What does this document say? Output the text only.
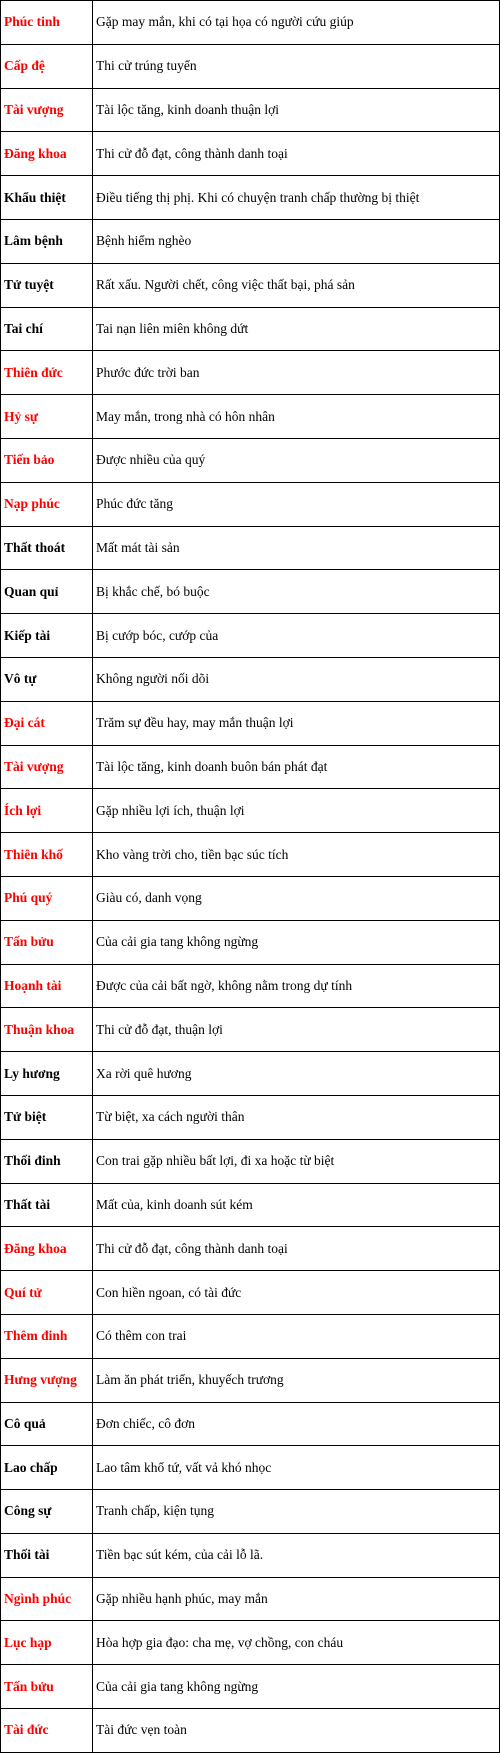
Phúc tinh	Gặp may mắn, khi có tại họa có người cứu giúp
Cấp đệ	Thi cử trúng tuyển
Tài vượng	Tài lộc tăng, kinh doanh thuận lợi
Đăng khoa	Thi cử đỗ đạt, công thành danh toại
Khẩu thiệt	Điều tiếng thị phị. Khi có chuyện tranh chấp thường bị thiệt
Lâm bệnh	Bệnh hiểm nghèo
Tử tuyệt	Rất xấu. Người chết, công việc thất bại, phá sản
Tai chí	Tai nạn liên miên không dứt
Thiên đức	Phước đức trời ban
Hỷ sự	May mắn, trong nhà có hôn nhân
Tiến bảo	Được nhiều của quý
Nạp phúc	Phúc đức tăng
Thất thoát	Mất mát tài sản
Quan quỉ	Bị khắc chế, bó buộc
Kiếp tài	Bị cướp bóc, cướp của
Vô tự	Không người nối dõi
Đại cát	Trăm sự đều hay, may mắn thuận lợi
Tài vượng	Tài lộc tăng, kinh doanh buôn bán phát đạt
Ích lợi	Gặp nhiều lợi ích, thuận lợi
Thiên khố	Kho vàng trời cho, tiền bạc súc tích
Phú quý	Giàu có, danh vọng
Tấn bửu	Của cải gia tang không ngừng
Hoạnh tài	Được của cải bất ngờ, không nằm trong dự tính
Thuận khoa	Thi cử đỗ đạt, thuận lợi
Ly hương	Xa rời quê hương
Tử biệt	Từ biệt, xa cách người thân
Thối đinh	Con trai gặp nhiều bất lợi, đi xa hoặc từ biệt
Thất tài	Mất của, kinh doanh sút kém
Đăng khoa	Thi cử đỗ đạt, công thành danh toại
Quí tử	Con hiền ngoan, có tài đức
Thêm đinh	Có thêm con trai
Hưng vượng	Làm ăn phát triển, khuyếch trương
Cô quả	Đơn chiếc, cô đơn
Lao chấp	Lao tâm khổ tứ, vất vả khó nhọc
Công sự	Tranh chấp, kiện tụng
Thối tài	Tiền bạc sút kém, của cải lỗ lã.
Ngình phúc	Gặp nhiều hạnh phúc, may mắn
Lục hạp	Hòa hợp gia đạo: cha mẹ, vợ chồng, con cháu
Tấn bửu	Của cải gia tang không ngừng
Tài đức	Tài đức vẹn toàn
